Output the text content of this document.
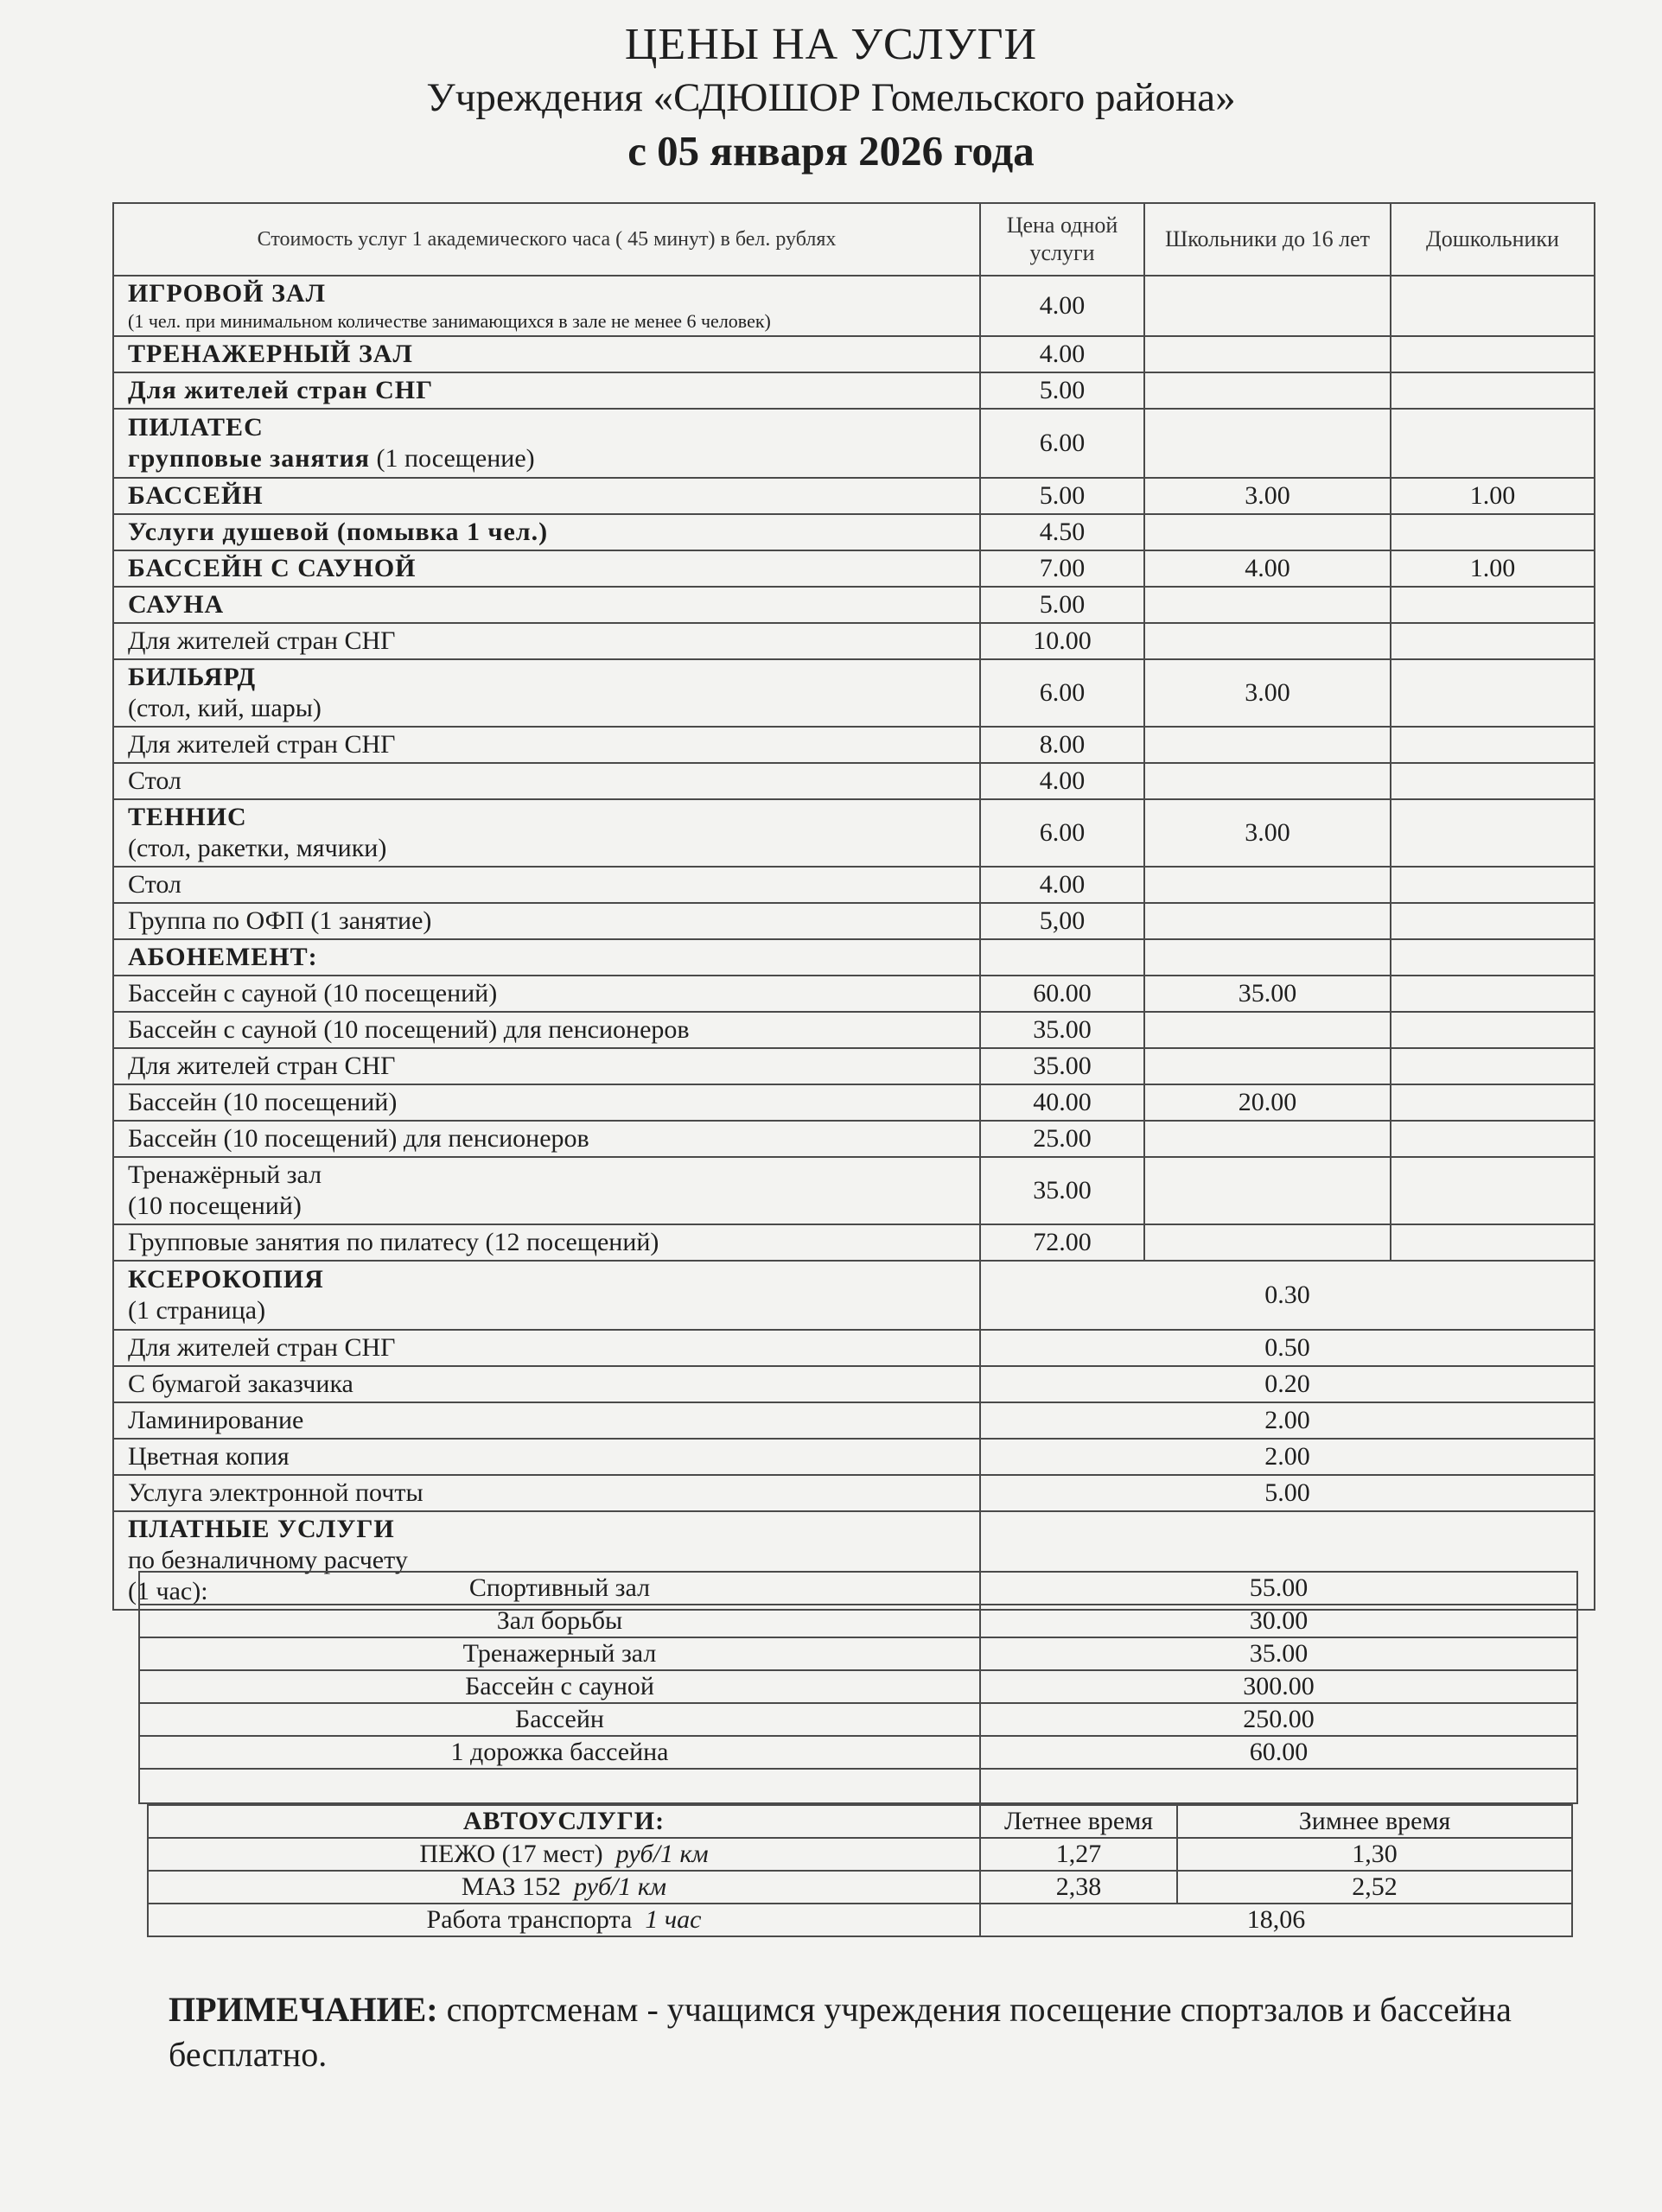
ЦЕНЫ НА УСЛУГИ
Учреждения «СДЮШОР Гомельского района»
с 05 января 2026 года
Стоимость услуг 1 академического часа ( 45 минут) в бел. рублях	Цена одной услуги	Школьники до 16 лет	Дошкольники

ИГРОВОЙ ЗАЛ
(1 чел. при минимальном количестве занимающихся в зале не менее 6 человек)	4.00		
ТРЕНАЖЕРНЫЙ ЗАЛ	4.00		
Для жителей стран СНГ	5.00		

ПИЛАТЕС
групповые занятия (1 посещение)	6.00		
БАССЕЙН	5.00	3.00	1.00
Услуги душевой (помывка 1 чел.)	4.50		
БАССЕЙН С САУНОЙ	7.00	4.00	1.00
САУНА	5.00		
Для жителей стран СНГ	10.00		

БИЛЬЯРД
(стол, кий, шары)	6.00	3.00	
Для жителей стран СНГ	8.00		
Стол	4.00		

ТЕННИС
(стол, ракетки, мячики)	6.00	3.00	
Стол	4.00		
Группа по ОФП (1 занятие)	5,00		
АБОНЕМЕНТ:			
Бассейн с сауной (10 посещений)	60.00	35.00	
Бассейн с сауной (10 посещений) для пенсионеров	35.00		
Для жителей стран СНГ	35.00		
Бассейн (10 посещений)	40.00	20.00	
Бассейн (10 посещений) для пенсионеров	25.00		

Тренажёрный зал
(10 посещений)	35.00		
Групповые занятия по пилатесу (12 посещений)	72.00		

КСЕРОКОПИЯ
(1 страница)	0.30		
Для жителей стран СНГ	0.50		
С бумагой заказчика	0.20		
Ламинирование	2.00		
Цветная копия	2.00		
Услуга электронной почты	5.00		

ПЛАТНЫЕ УСЛУГИ
по безналичному расчету
(1 час):			
		Спортивный зал	55.00
Зал борьбы	30.00
Тренажерный зал	35.00
Бассейн с сауной	300.00
Бассейн	250.00
1 дорожка бассейна	60.00

АВТОУСЛУГИ:	Летнее время	Зимнее время
ПЕЖО (17 мест) руб/1 км	1,27	1,30
МАЗ 152 руб/1 км	2,38	2,52
Работа транспорта 1 час	18,06	
ПРИМЕЧАНИЕ: спортсменам - учащимся учреждения посещение спортзалов и бассейна бесплатно.
